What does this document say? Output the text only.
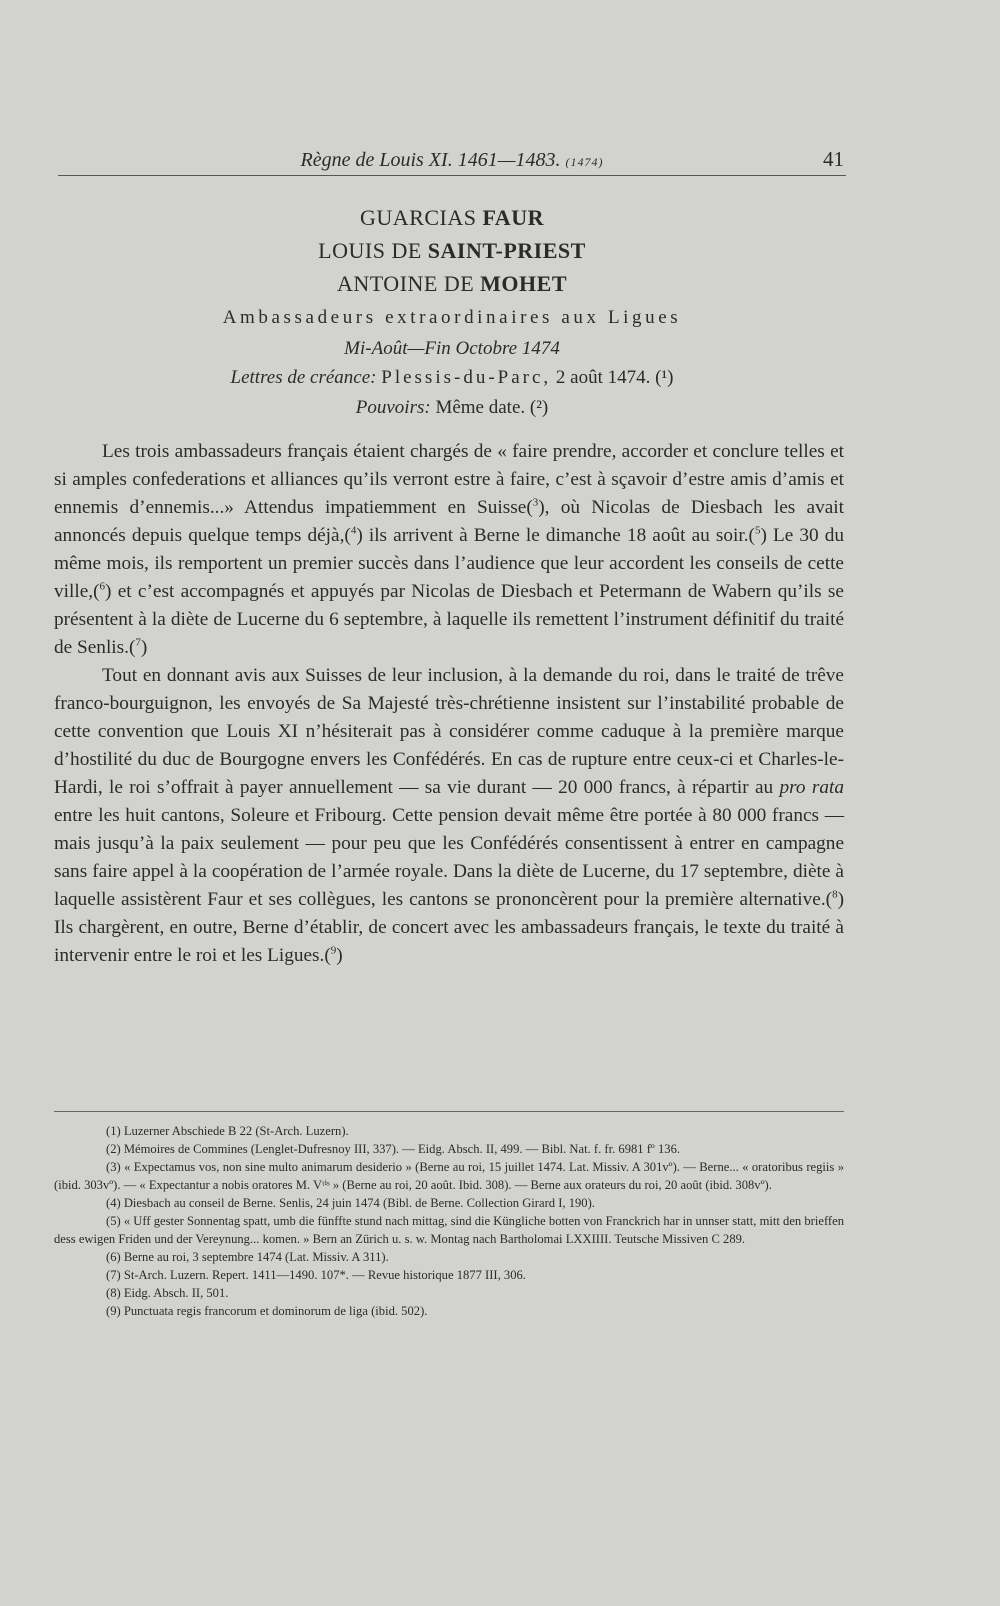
Règne de Louis XI. 1461—1483. (1474)	41
GUARCIAS FAUR
LOUIS DE SAINT-PRIEST
ANTOINE DE MOHET
Ambassadeurs extraordinaires aux Ligues
Mi-Août—Fin Octobre 1474
Lettres de créance: Plessis-du-Parc, 2 août 1474. (¹)
Pouvoirs: Même date. (²)

Les trois ambassadeurs français étaient chargés de « faire prendre, accorder et conclure telles et si amples confederations et alliances qu’ils verront estre à faire, c’est à sçavoir d’estre amis d’amis et ennemis d’ennemis...» Attendus impatiemment en Suisse($^3$), où Nicolas de Diesbach les avait annoncés depuis quelque temps déjà,($^4$) ils arrivent à Berne le dimanche 18 août au soir.($^5$) Le 30 du même mois, ils remportent un premier succès dans l’audience que leur accordent les conseils de cette ville,($^6$) et c’est accompagnés et appuyés par Nicolas de Diesbach et Petermann de Wabern qu’ils se présentent à la diète de Lucerne du 6 septembre, à laquelle ils remettent l’instrument définitif du traité de Senlis.($^7$)

Tout en donnant avis aux Suisses de leur inclusion, à la demande du roi, dans le traité de trêve franco-bourguignon, les envoyés de Sa Majesté très-chrétienne insistent sur l’instabilité probable de cette convention que Louis XI n’hésiterait pas à considérer comme caduque à la première marque d’hostilité du duc de Bourgogne envers les Confédérés. En cas de rupture entre ceux-ci et Charles-le-Hardi, le roi s’offrait à payer annuellement — sa vie durant — 20 000 francs, à répartir au pro rata entre les huit cantons, Soleure et Fribourg. Cette pension devait même être portée à 80 000 francs — mais jusqu’à la paix seulement — pour peu que les Confédérés consentissent à entrer en campagne sans faire appel à la coopération de l’armée royale. Dans la diète de Lucerne, du 17 septembre, diète à laquelle assistèrent Faur et ses collègues, les cantons se prononcèrent pour la première alternative.($^8$) Ils chargèrent, en outre, Berne d’établir, de concert avec les ambassadeurs français, le texte du traité à intervenir entre le roi et les Ligues.($^9$)

(1) Luzerner Abschiede B 22 (St-Arch. Luzern).

(2) Mémoires de Commines (Lenglet-Dufresnoy III, 337). — Eidg. Absch. II, 499. — Bibl. Nat. f. fr. 6981 fº 136.

(3) « Expectamus vos, non sine multo animarum desiderio » (Berne au roi, 15 juillet 1474. Lat. Missiv. A 301vº). — Berne... « oratoribus regiis » (ibid. 303vº). — « Expectantur a nobis oratores M. Vᵗⁱˢ » (Berne au roi, 20 août. Ibid. 308). — Berne aux orateurs du roi, 20 août (ibid. 308vº).

(4) Diesbach au conseil de Berne. Senlis, 24 juin 1474 (Bibl. de Berne. Collection Girard I, 190).

(5) « Uff gester Sonnentag spatt, umb die fünffte stund nach mittag, sind die Küngliche botten von Franckrich har in unnser statt, mitt den brieffen dess ewigen Friden und der Vereynung... komen. » Bern an Zürich u. s. w. Montag nach Bartholomai LXXIIII. Teutsche Missiven C 289.

(6) Berne au roi, 3 septembre 1474 (Lat. Missiv. A 311).

(7) St-Arch. Luzern. Repert. 1411—1490. 107*. — Revue historique 1877 III, 306.

(8) Eidg. Absch. II, 501.

(9) Punctuata regis francorum et dominorum de liga (ibid. 502).
